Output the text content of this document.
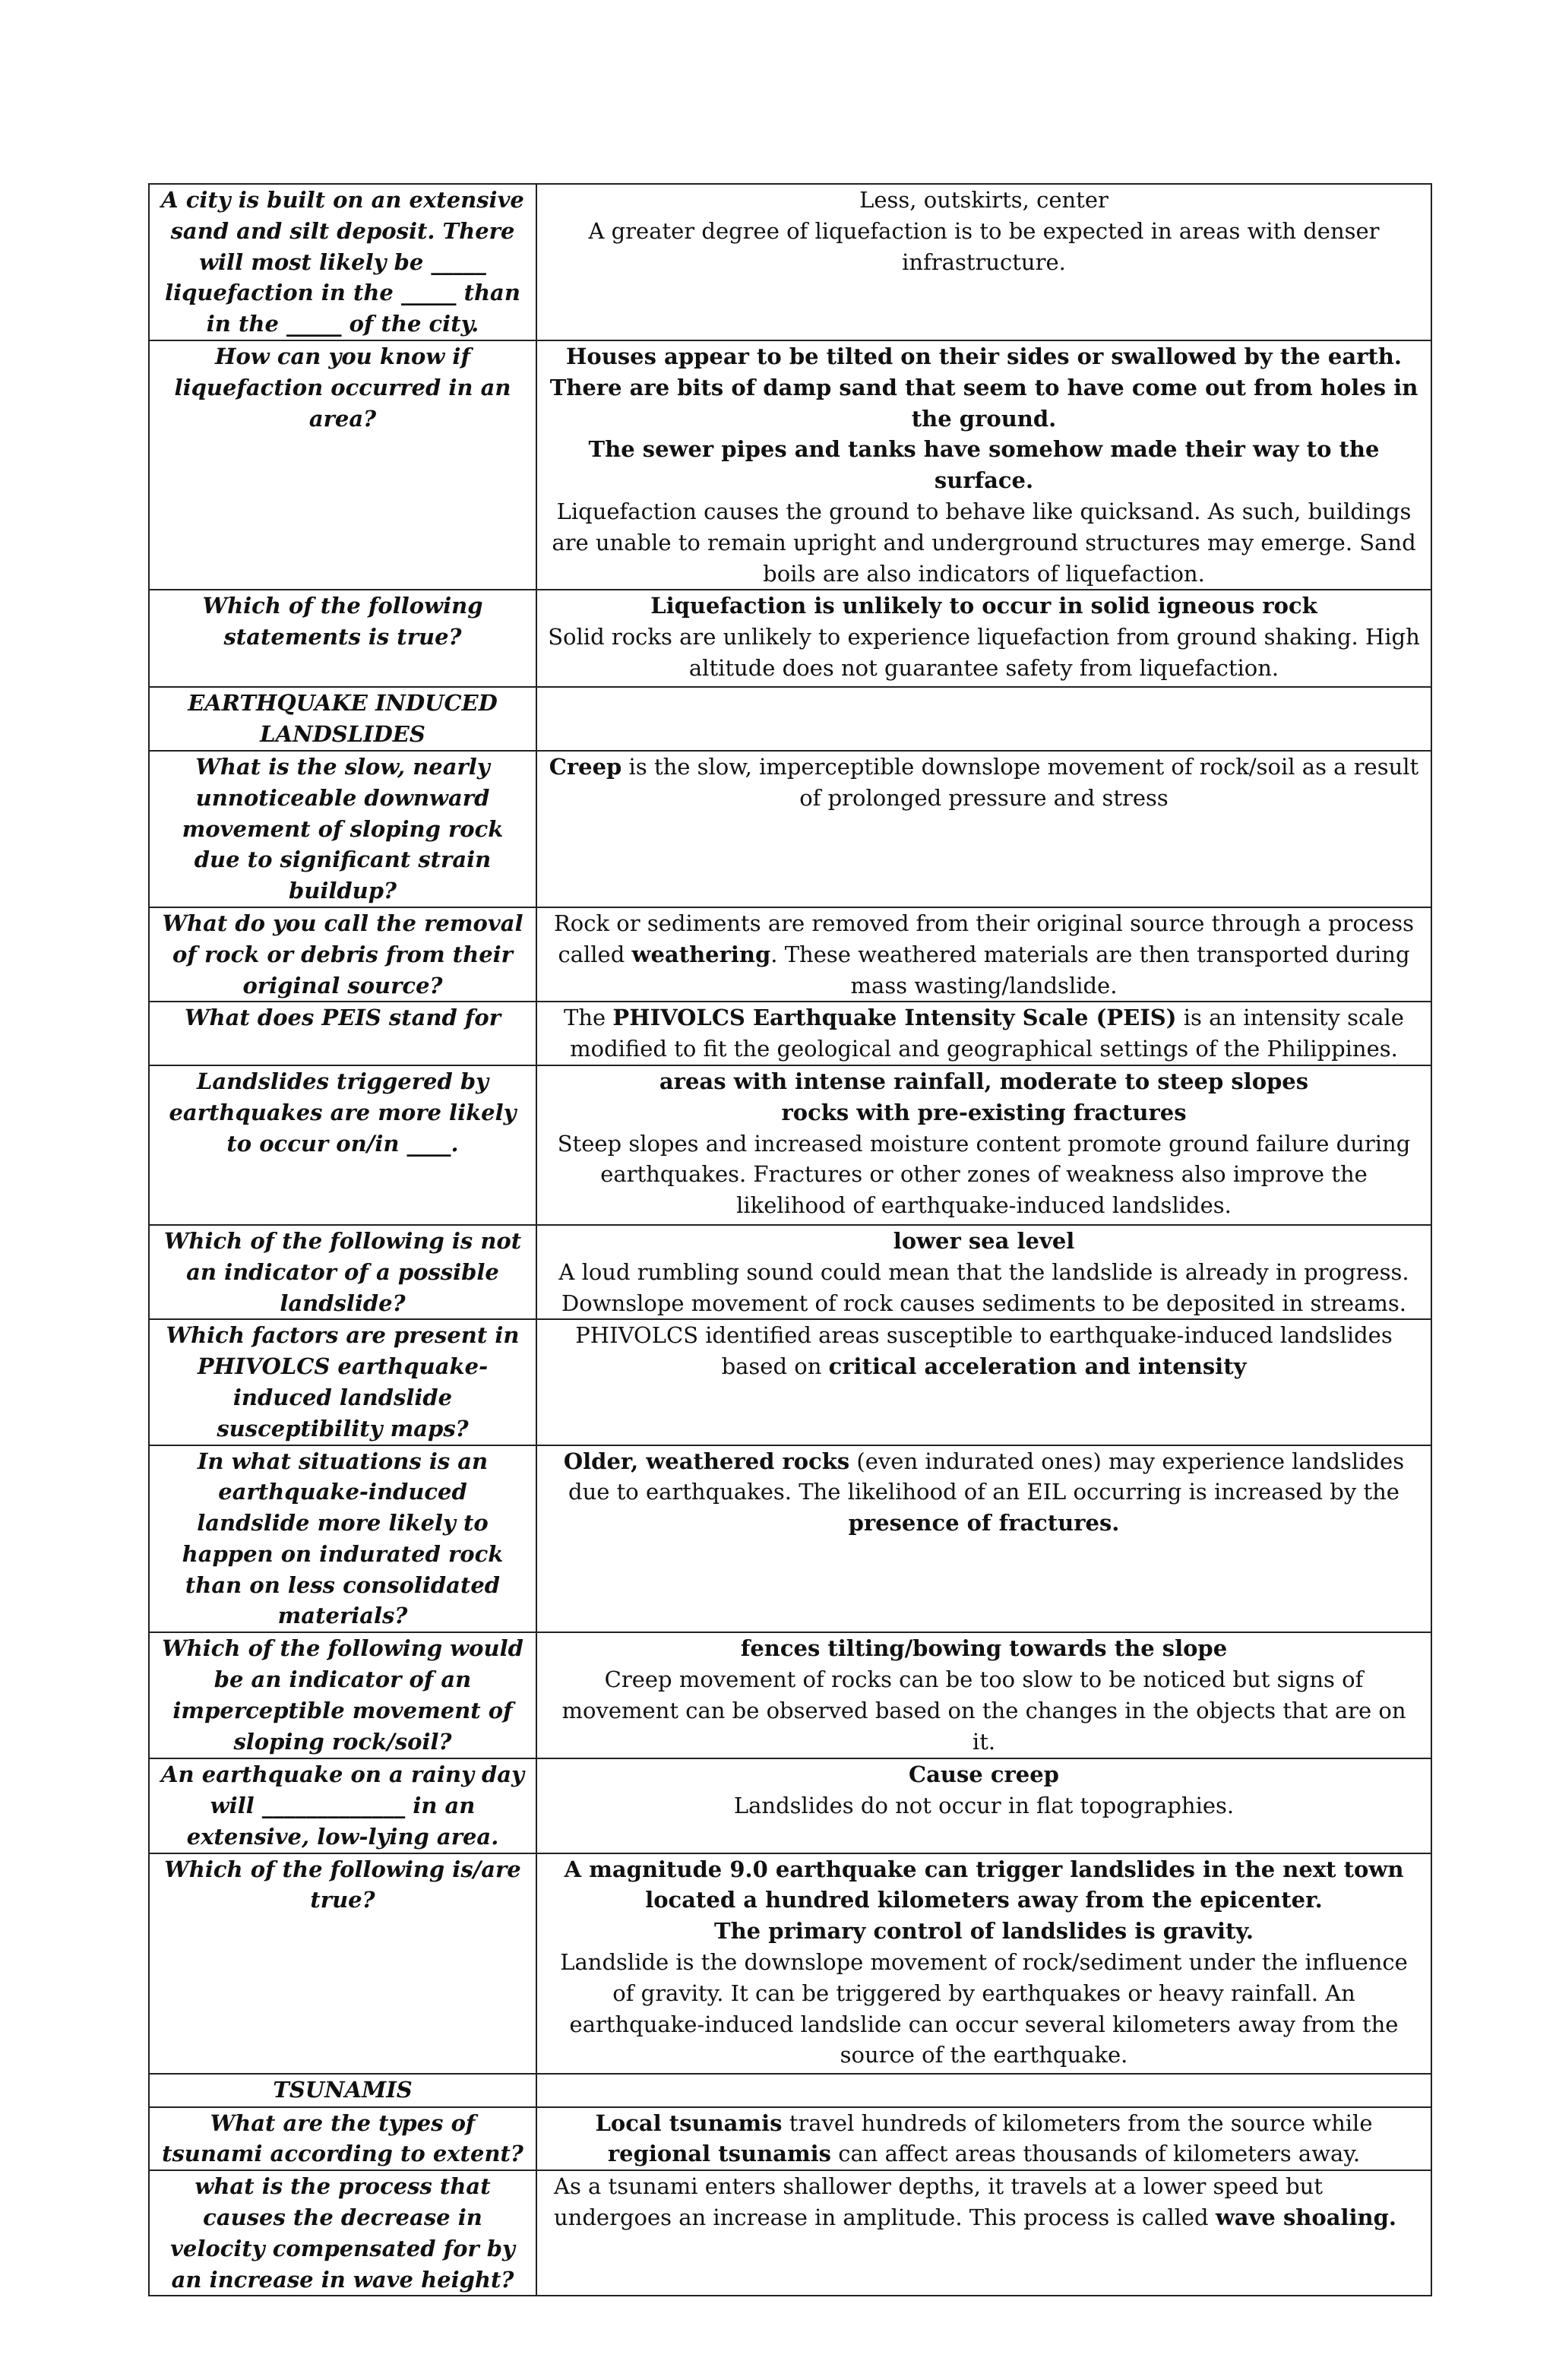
A city is built on an extensive sand and silt deposit. There will most likely be _____ liquefaction in the _____ than in the _____ of the city.	Less, outskirts, center
A greater degree of liquefaction is to be expected in areas with denser infrastructure.

How can you know if liquefaction occurred in an area?	Houses appear to be tilted on their sides or swallowed by the earth.
There are bits of damp sand that seem to have come out from holes in the ground.
The sewer pipes and tanks have somehow made their way to the surface.
Liquefaction causes the ground to behave like quicksand. As such, buildings are unable to remain upright and underground structures may emerge. Sand boils are also indicators of liquefaction.

Which of the following statements is true?	Liquefaction is unlikely to occur in solid igneous rock
Solid rocks are unlikely to experience liquefaction from ground shaking. High altitude does not guarantee safety from liquefaction.

EARTHQUAKE INDUCED LANDSLIDES	
What is the slow, nearly unnoticeable downward movement of sloping rock due to significant strain buildup?	Creep is the slow, imperceptible downslope movement of rock/soil as a result of prolonged pressure and stress

What do you call the removal of rock or debris from their original source?	Rock or sediments are removed from their original source through a process called weathering. These weathered materials are then transported during mass wasting/landslide.

What does PEIS stand for	The PHIVOLCS Earthquake Intensity Scale (PEIS) is an intensity scale modified to fit the geological and geographical settings of the Philippines.

Landslides triggered by earthquakes are more likely to occur on/in ____.	areas with intense rainfall, moderate to steep slopes
rocks with pre-existing fractures
Steep slopes and increased moisture content promote ground failure during earthquakes. Fractures or other zones of weakness also improve the likelihood of earthquake-induced landslides.

Which of the following is not an indicator of a possible landslide?	lower sea level
A loud rumbling sound could mean that the landslide is already in progress. Downslope movement of rock causes sediments to be deposited in streams.

Which factors are present in PHIVOLCS earthquake-induced landslide susceptibility maps?	PHIVOLCS identified areas susceptible to earthquake-induced landslides based on critical acceleration and intensity

In what situations is an earthquake-induced landslide more likely to happen on indurated rock than on less consolidated materials?	Older, weathered rocks (even indurated ones) may experience landslides due to earthquakes. The likelihood of an EIL occurring is increased by the presence of fractures.

Which of the following would be an indicator of an imperceptible movement of sloping rock/soil?	fences tilting/bowing towards the slope
Creep movement of rocks can be too slow to be noticed but signs of movement can be observed based on the changes in the objects that are on it.

An earthquake on a rainy day will _____________ in an extensive, low-lying area.	Cause creep
Landslides do not occur in flat topographies.

Which of the following is/are true?	A magnitude 9.0 earthquake can trigger landslides in the next town located a hundred kilometers away from the epicenter.
The primary control of landslides is gravity.
Landslide is the downslope movement of rock/sediment under the influence of gravity. It can be triggered by earthquakes or heavy rainfall. An earthquake-induced landslide can occur several kilometers away from the source of the earthquake.

TSUNAMIS	
What are the types of tsunami according to extent?	Local tsunamis travel hundreds of kilometers from the source while regional tsunamis can affect areas thousands of kilometers away.

what is the process that causes the decrease in velocity compensated for by an increase in wave height?	As a tsunami enters shallower depths, it travels at a lower speed but undergoes an increase in amplitude. This process is called wave shoaling.
